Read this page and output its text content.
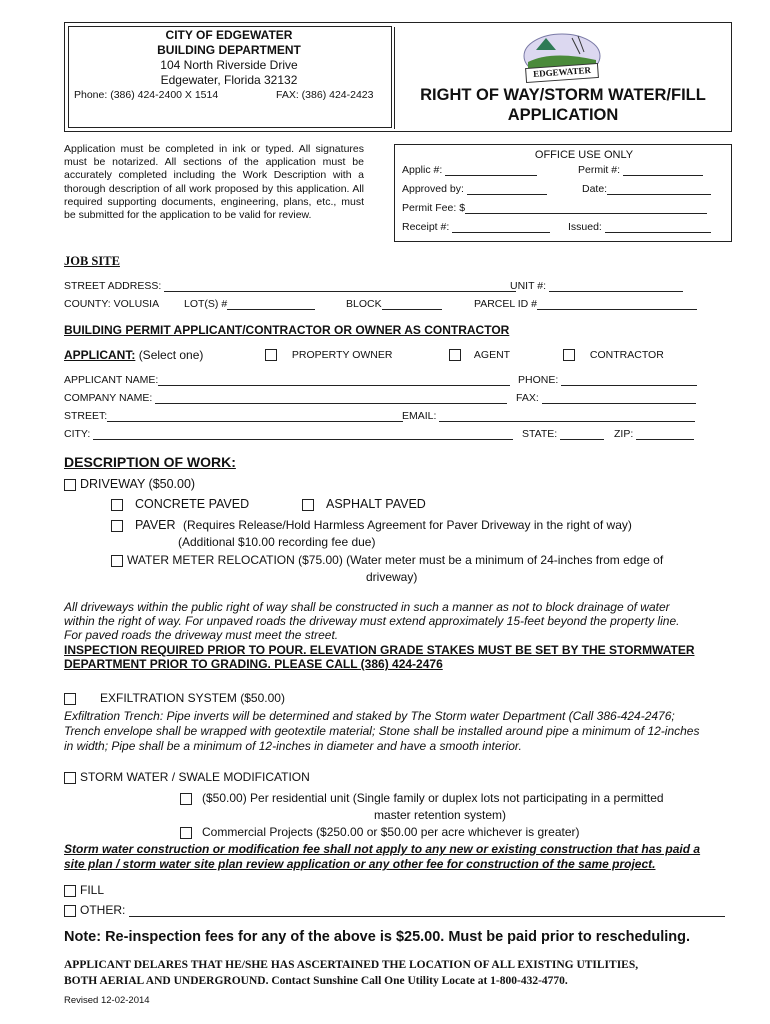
CITY OF EDGEWATER
BUILDING DEPARTMENT
104 North Riverside Drive
Edgewater, Florida 32132
Phone: (386) 424-2400 X 1514	FAX: (386) 424-2423
EDGEWATER
RIGHT OF WAY/STORM WATER/FILL
APPLICATION
Application must be completed in ink or typed. All signatures must be notarized. All sections of the application must be accurately completed including the Work Description with a thorough description of all work proposed by this application. All required supporting documents, engineering, plans, etc., must be submitted for the application to be valid for review.
OFFICE USE ONLY
Applic #:	Permit #:
Approved by:	Date:
Permit Fee: $
Receipt #:	Issued:
JOB SITE
STREET ADDRESS:	UNIT #:
COUNTY: VOLUSIA LOT(S) #	BLOCK	PARCEL ID #
BUILDING PERMIT APPLICANT/CONTRACTOR OR OWNER AS CONTRACTOR
APPLICANT: (Select one)	PROPERTY OWNER	AGENT	CONTRACTOR
APPLICANT NAME:	PHONE:
COMPANY NAME:	FAX:
STREET:	EMAIL:
CITY:	STATE:	ZIP:
DESCRIPTION OF WORK:
DRIVEWAY ($50.00)
CONCRETE PAVED	ASPHALT PAVED
PAVER (Requires Release/Hold Harmless Agreement for Paver Driveway in the right of way)
(Additional $10.00 recording fee due)
WATER METER RELOCATION ($75.00) (Water meter must be a minimum of 24-inches from edge of
driveway)
All driveways within the public right of way shall be constructed in such a manner as not to block drainage of water
within the right of way. For unpaved roads the driveway must extend approximately 15-feet beyond the property line.
For paved roads the driveway must meet the street.
INSPECTION REQUIRED PRIOR TO POUR. ELEVATION GRADE STAKES MUST BE SET BY THE STORMWATER
DEPARTMENT PRIOR TO GRADING. PLEASE CALL (386) 424-2476
EXFILTRATION SYSTEM ($50.00)
Exfiltration Trench: Pipe inverts will be determined and staked by The Storm water Department (Call 386-424-2476;
Trench envelope shall be wrapped with geotextile material; Stone shall be installed around pipe a minimum of 12-inches
in width; Pipe shall be a minimum of 12-inches in diameter and have a smooth interior.
STORM WATER / SWALE MODIFICATION
($50.00) Per residential unit (Single family or duplex lots not participating in a permitted
master retention system)
Commercial Projects ($250.00 or $50.00 per acre whichever is greater)
Storm water construction or modification fee shall not apply to any new or existing construction that has paid a
site plan / storm water site plan review application or any other fee for construction of the same project.
FILL
OTHER:
Note: Re-inspection fees for any of the above is $25.00. Must be paid prior to rescheduling.
APPLICANT DELARES THAT HE/SHE HAS ASCERTAINED THE LOCATION OF ALL EXISTING UTILITIES,
BOTH AERIAL AND UNDERGROUND. Contact Sunshine Call One Utility Locate at 1-800-432-4770.
Revised 12-02-2014
